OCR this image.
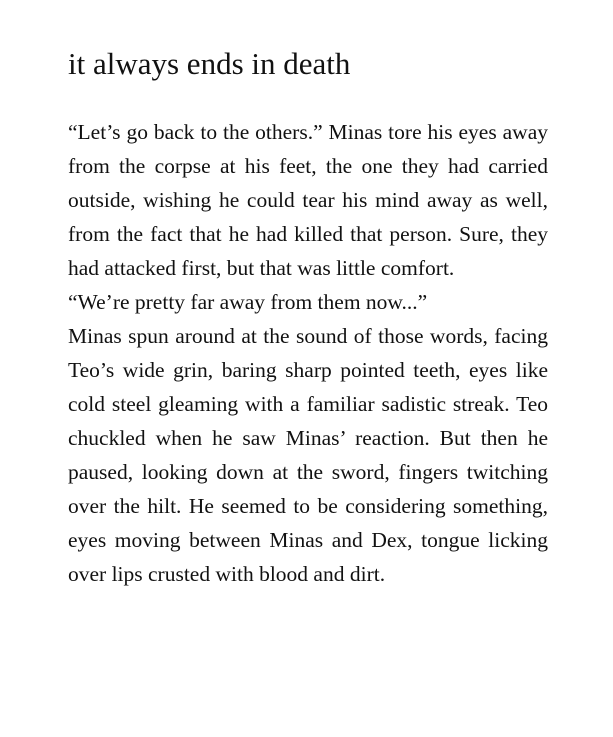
it always ends in death

“Let’s go back to the others.” Minas tore his eyes away from the corpse at his feet, the one they had carried outside, wishing he could tear his mind away as well, from the fact that he had killed that person. Sure, they had attacked first, but that was little comfort.

“We’re pretty far away from them now...”

Minas spun around at the sound of those words, facing Teo’s wide grin, baring sharp pointed teeth, eyes like cold steel gleaming with a familiar sadistic streak. Teo chuckled when he saw Minas’ reaction. But then he paused, looking down at the sword, fingers twitching over the hilt. He seemed to be considering something, eyes moving between Minas and Dex, tongue licking over lips crusted with blood and dirt.
